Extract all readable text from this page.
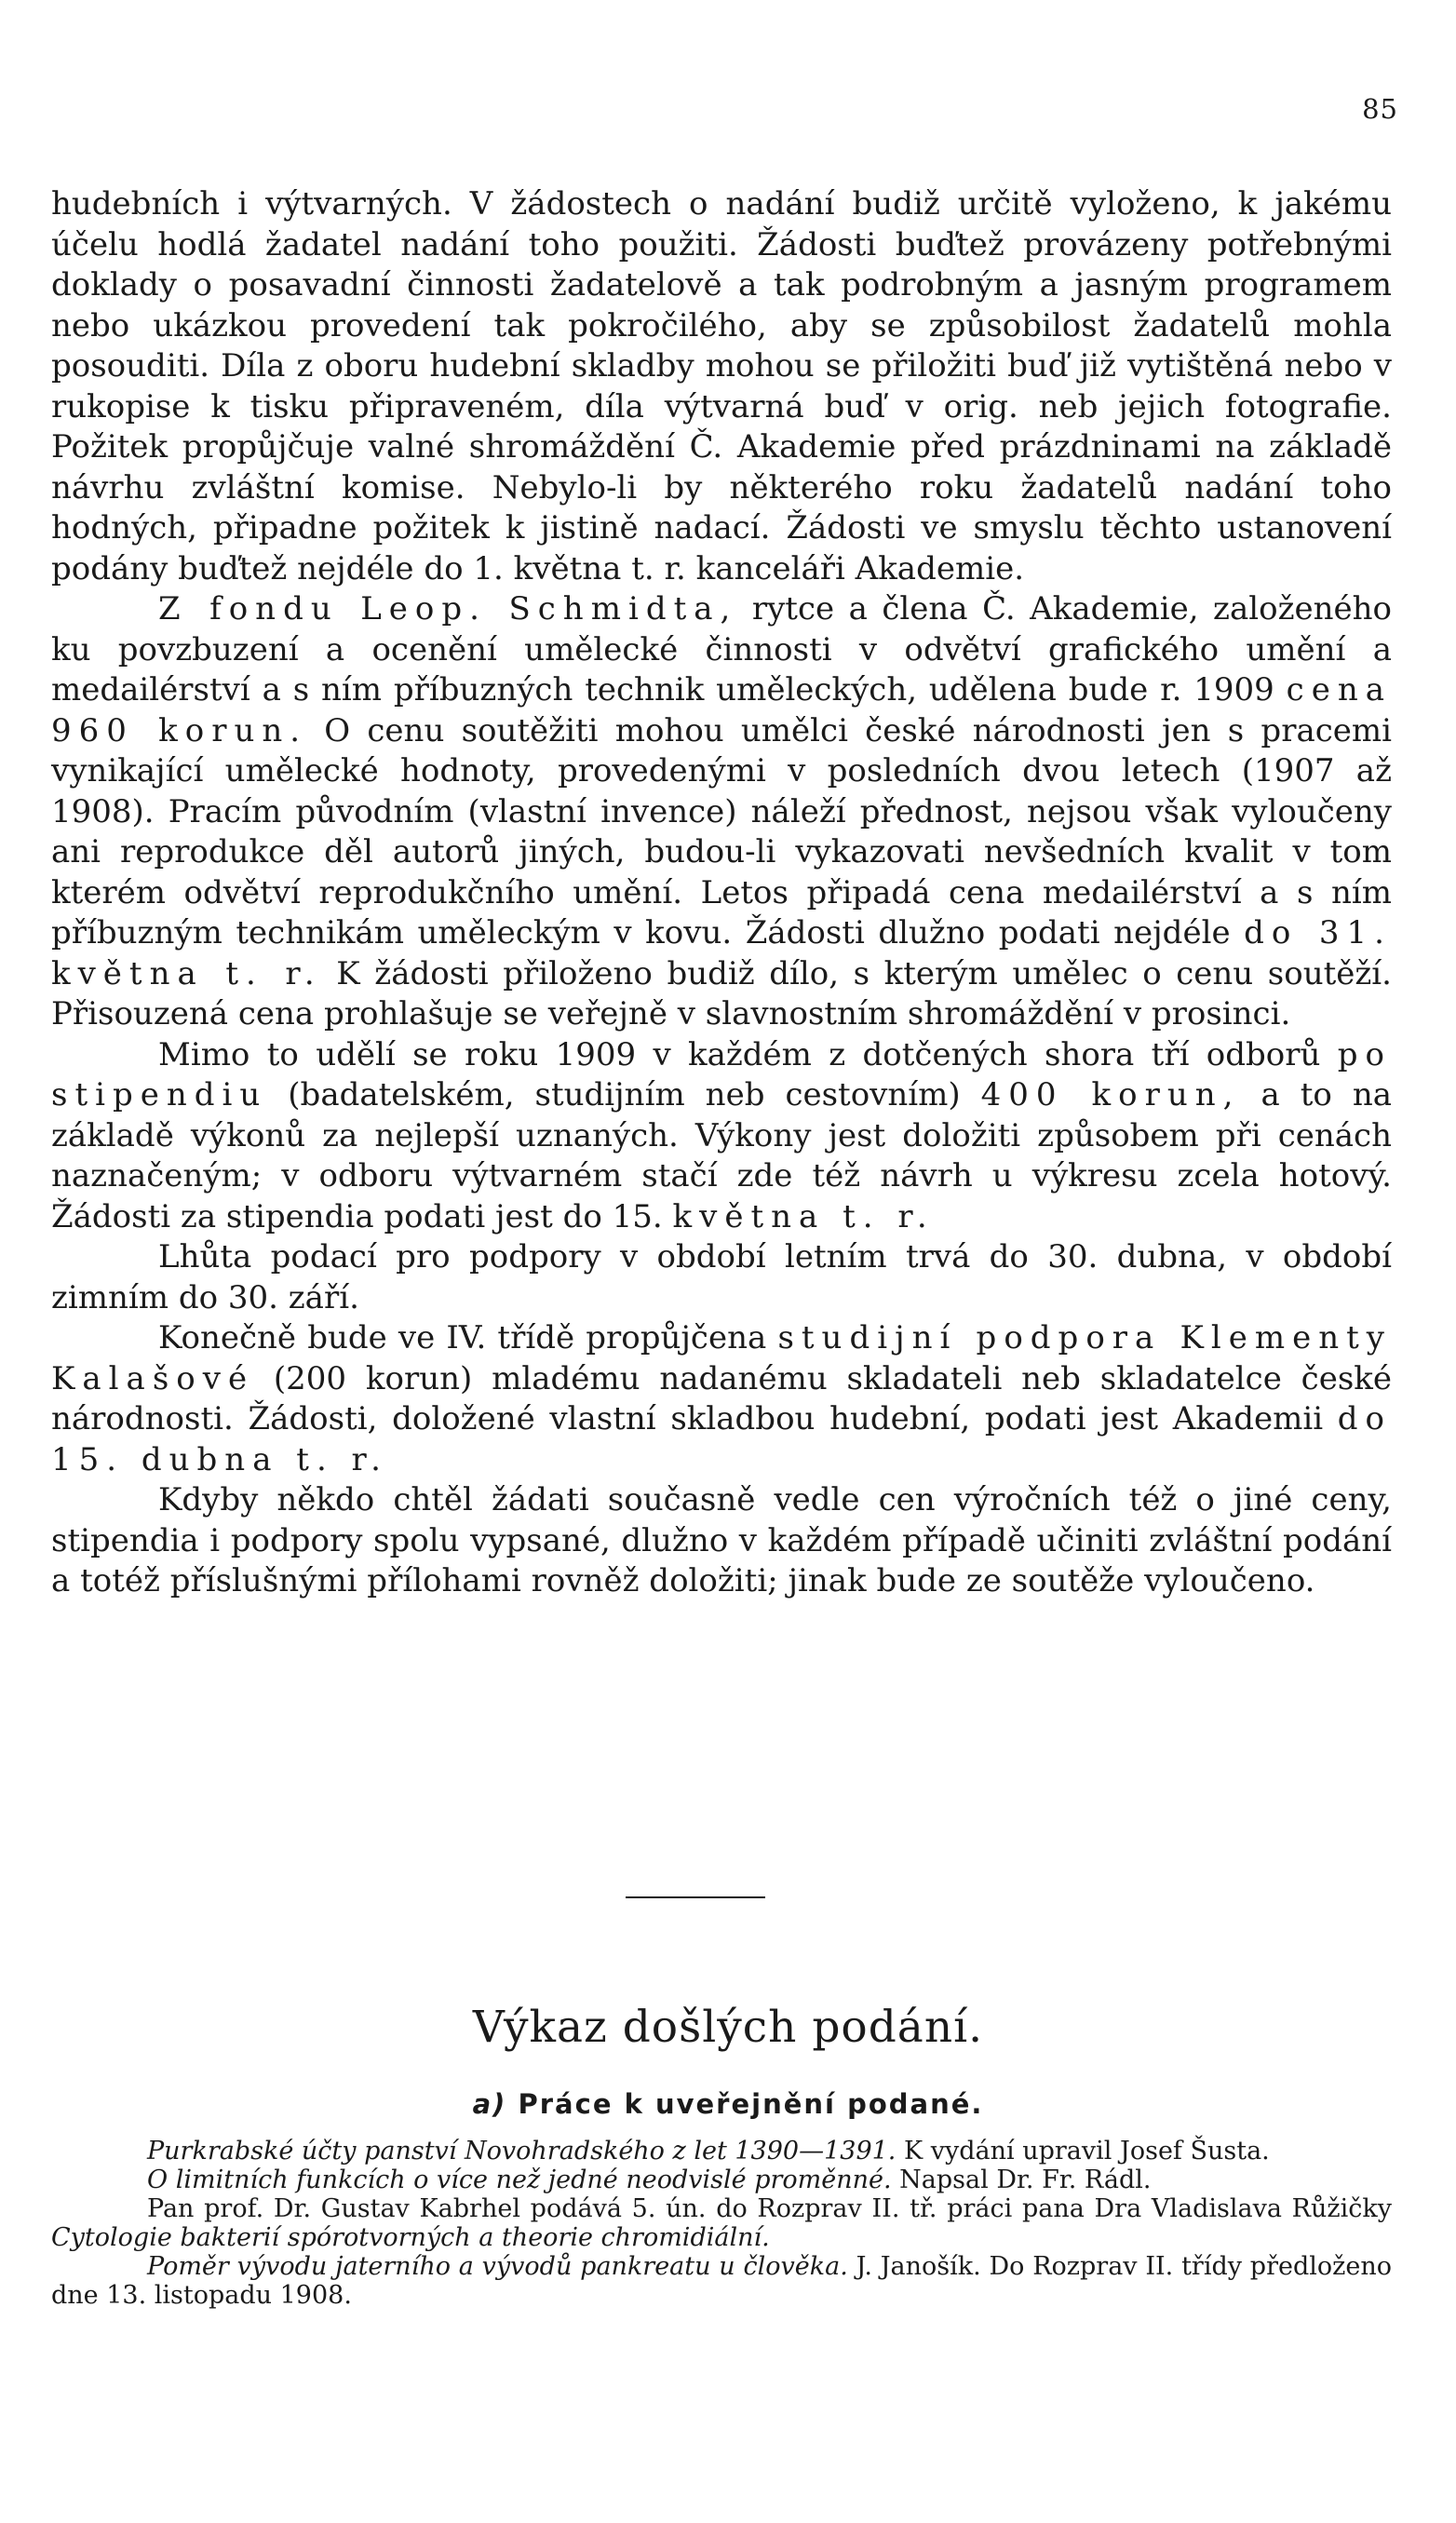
85

hudebních i výtvarných. V žádostech o nadání budiž určitě vyloženo, k jakému účelu hodlá žadatel nadání toho použiti. Žádosti buďtež provázeny potřebnými doklady o posavadní činnosti žadatelově a tak podrobným a jasným programem nebo ukázkou provedení tak pokročilého, aby se způsobilost žadatelů mohla posouditi. Díla z oboru hudební skladby mohou se přiložiti buď již vytištěná nebo v rukopise k tisku připraveném, díla výtvarná buď v orig. neb jejich fotografie. Požitek propůjčuje valné shromáždění Č. Akademie před prázdninami na základě návrhu zvláštní komise. Nebylo-li by některého roku žadatelů nadání toho hodných, připadne požitek k jistině nadací. Žádosti ve smyslu těchto ustanovení podány buďtež nejdéle do 1. května t. r. kanceláři Akademie.

Z fondu Leop. Schmidta, rytce a člena Č. Akademie, založeného ku povzbuzení a ocenění umělecké činnosti v odvětví grafického umění a medailérství a s ním příbuzných technik uměleckých, udělena bude r. 1909 cena 960 korun. O cenu soutěžiti mohou umělci české národnosti jen s pracemi vynikající umělecké hodnoty, provedenými v posledních dvou letech (1907 až 1908). Pracím původním (vlastní invence) náleží přednost, nejsou však vyloučeny ani reprodukce děl autorů jiných, budou-li vykazovati nevšedních kvalit v tom kterém odvětví reprodukčního umění. Letos připadá cena medailérství a s ním příbuzným technikám uměleckým v kovu. Žádosti dlužno podati nejdéle do 31. května t. r. K žádosti přiloženo budiž dílo, s kterým umělec o cenu soutěží. Přisouzená cena prohlašuje se veřejně v slavnostním shromáždění v prosinci.

Mimo to udělí se roku 1909 v každém z dotčených shora tří odborů po stipendiu (badatelském, studijním neb cestovním) 400 korun, a to na základě výkonů za nejlepší uznaných. Výkony jest doložiti způsobem při cenách naznačeným; v odboru výtvarném stačí zde též návrh u výkresu zcela hotový. Žádosti za stipendia podati jest do 15. května t. r.

Lhůta podací pro podpory v období letním trvá do 30. dubna, v období zimním do 30. září.

Konečně bude ve IV. třídě propůjčena studijní podpora Klementy Kalašové (200 korun) mladému nadanému skladateli neb skladatelce české národnosti. Žádosti, doložené vlastní skladbou hudební, podati jest Akademii do 15. dubna t. r.

Kdyby někdo chtěl žádati současně vedle cen výročních též o jiné ceny, stipendia i podpory spolu vypsané, dlužno v každém případě učiniti zvláštní podání a totéž příslušnými přílohami rovněž doložiti; jinak bude ze soutěže vyloučeno.

Výkaz došlých podání.
a) Práce k uveřejnění podané.

Purkrabské účty panství Novohradského z let 1390—1391. K vydání upravil Josef Šusta.

O limitních funkcích o více než jedné neodvislé proměnné. Napsal Dr. Fr. Rádl.

Pan prof. Dr. Gustav Kabrhel podává 5. ún. do Rozprav II. tř. práci pana Dra Vladislava Růžičky Cytologie bakterií spórotvorných a theorie chromidiální.

Poměr vývodu jaterního a vývodů pankreatu u člověka. J. Janošík. Do Rozprav II. třídy předloženo dne 13. listopadu 1908.
